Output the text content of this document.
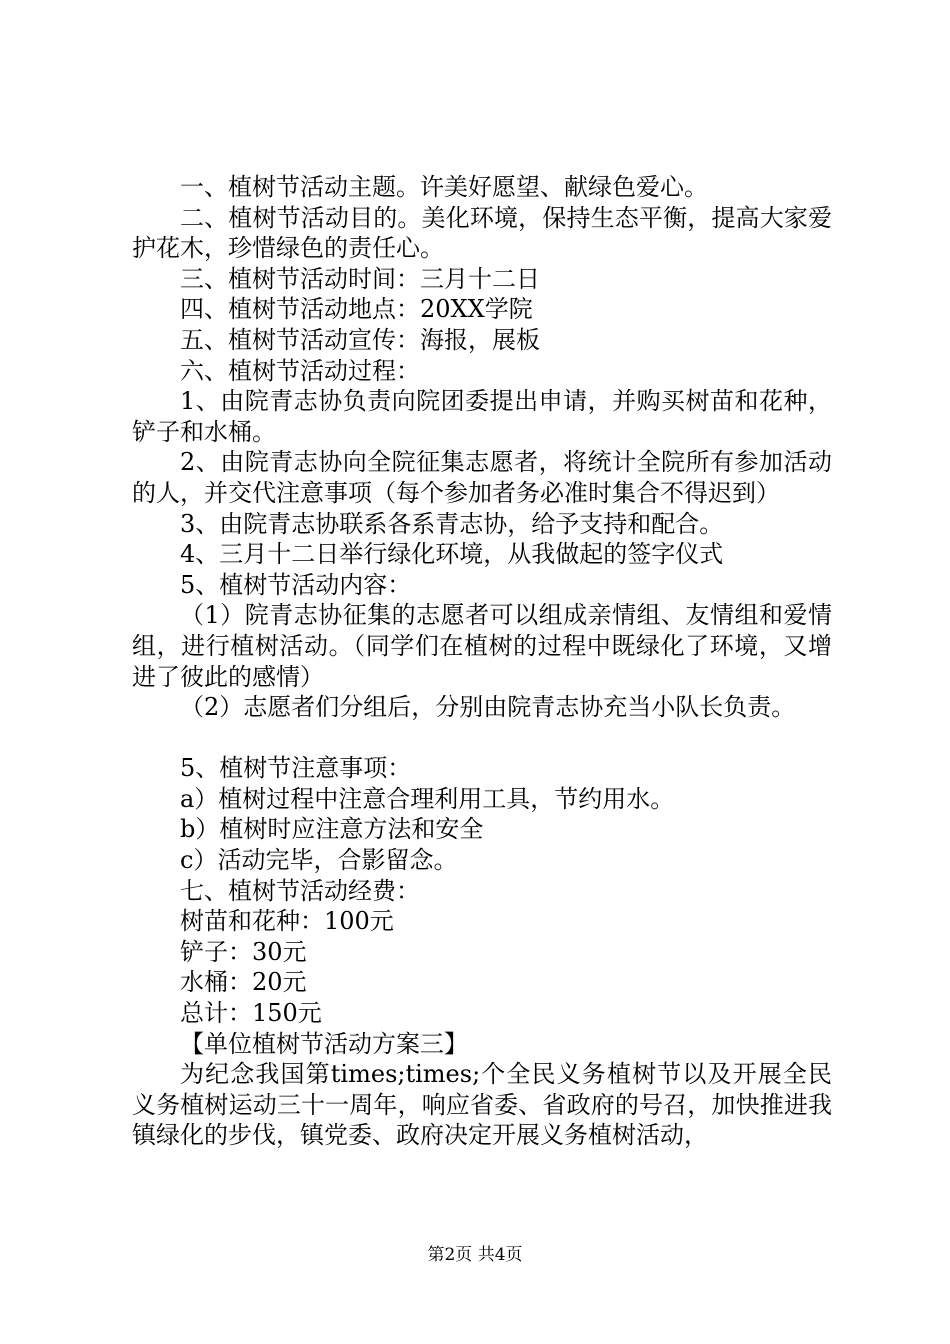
一、植树节活动主题。许美好愿望、献绿色爱心。

二、植树节活动目的。美化环境，保持生态平衡，提高大家爱护花木，珍惜绿色的责任心。

三、植树节活动时间：三月十二日

四、植树节活动地点：20XX学院

五、植树节活动宣传：海报，展板

六、植树节活动过程：

1、由院青志协负责向院团委提出申请，并购买树苗和花种，铲子和水桶。

2、由院青志协向全院征集志愿者，将统计全院所有参加活动的人，并交代注意事项（每个参加者务必准时集合不得迟到）

3、由院青志协联系各系青志协，给予支持和配合。

4、三月十二日举行绿化环境，从我做起的签字仪式

5、植树节活动内容：

（1）院青志协征集的志愿者可以组成亲情组、友情组和爱情组，进行植树活动。（同学们在植树的过程中既绿化了环境，又增进了彼此的感情）

（2）志愿者们分组后，分别由院青志协充当小队长负责。

5、植树节注意事项：

a）植树过程中注意合理利用工具，节约用水。

b）植树时应注意方法和安全

c）活动完毕，合影留念。

七、植树节活动经费：

树苗和花种：100元

铲子：30元

水桶：20元

总计：150元

【单位植树节活动方案三】

为纪念我国第times;times;个全民义务植树节以及开展全民义务植树运动三十一周年，响应省委、省政府的号召，加快推进我镇绿化的步伐，镇党委、政府决定开展义务植树活动，

第2页 共4页
